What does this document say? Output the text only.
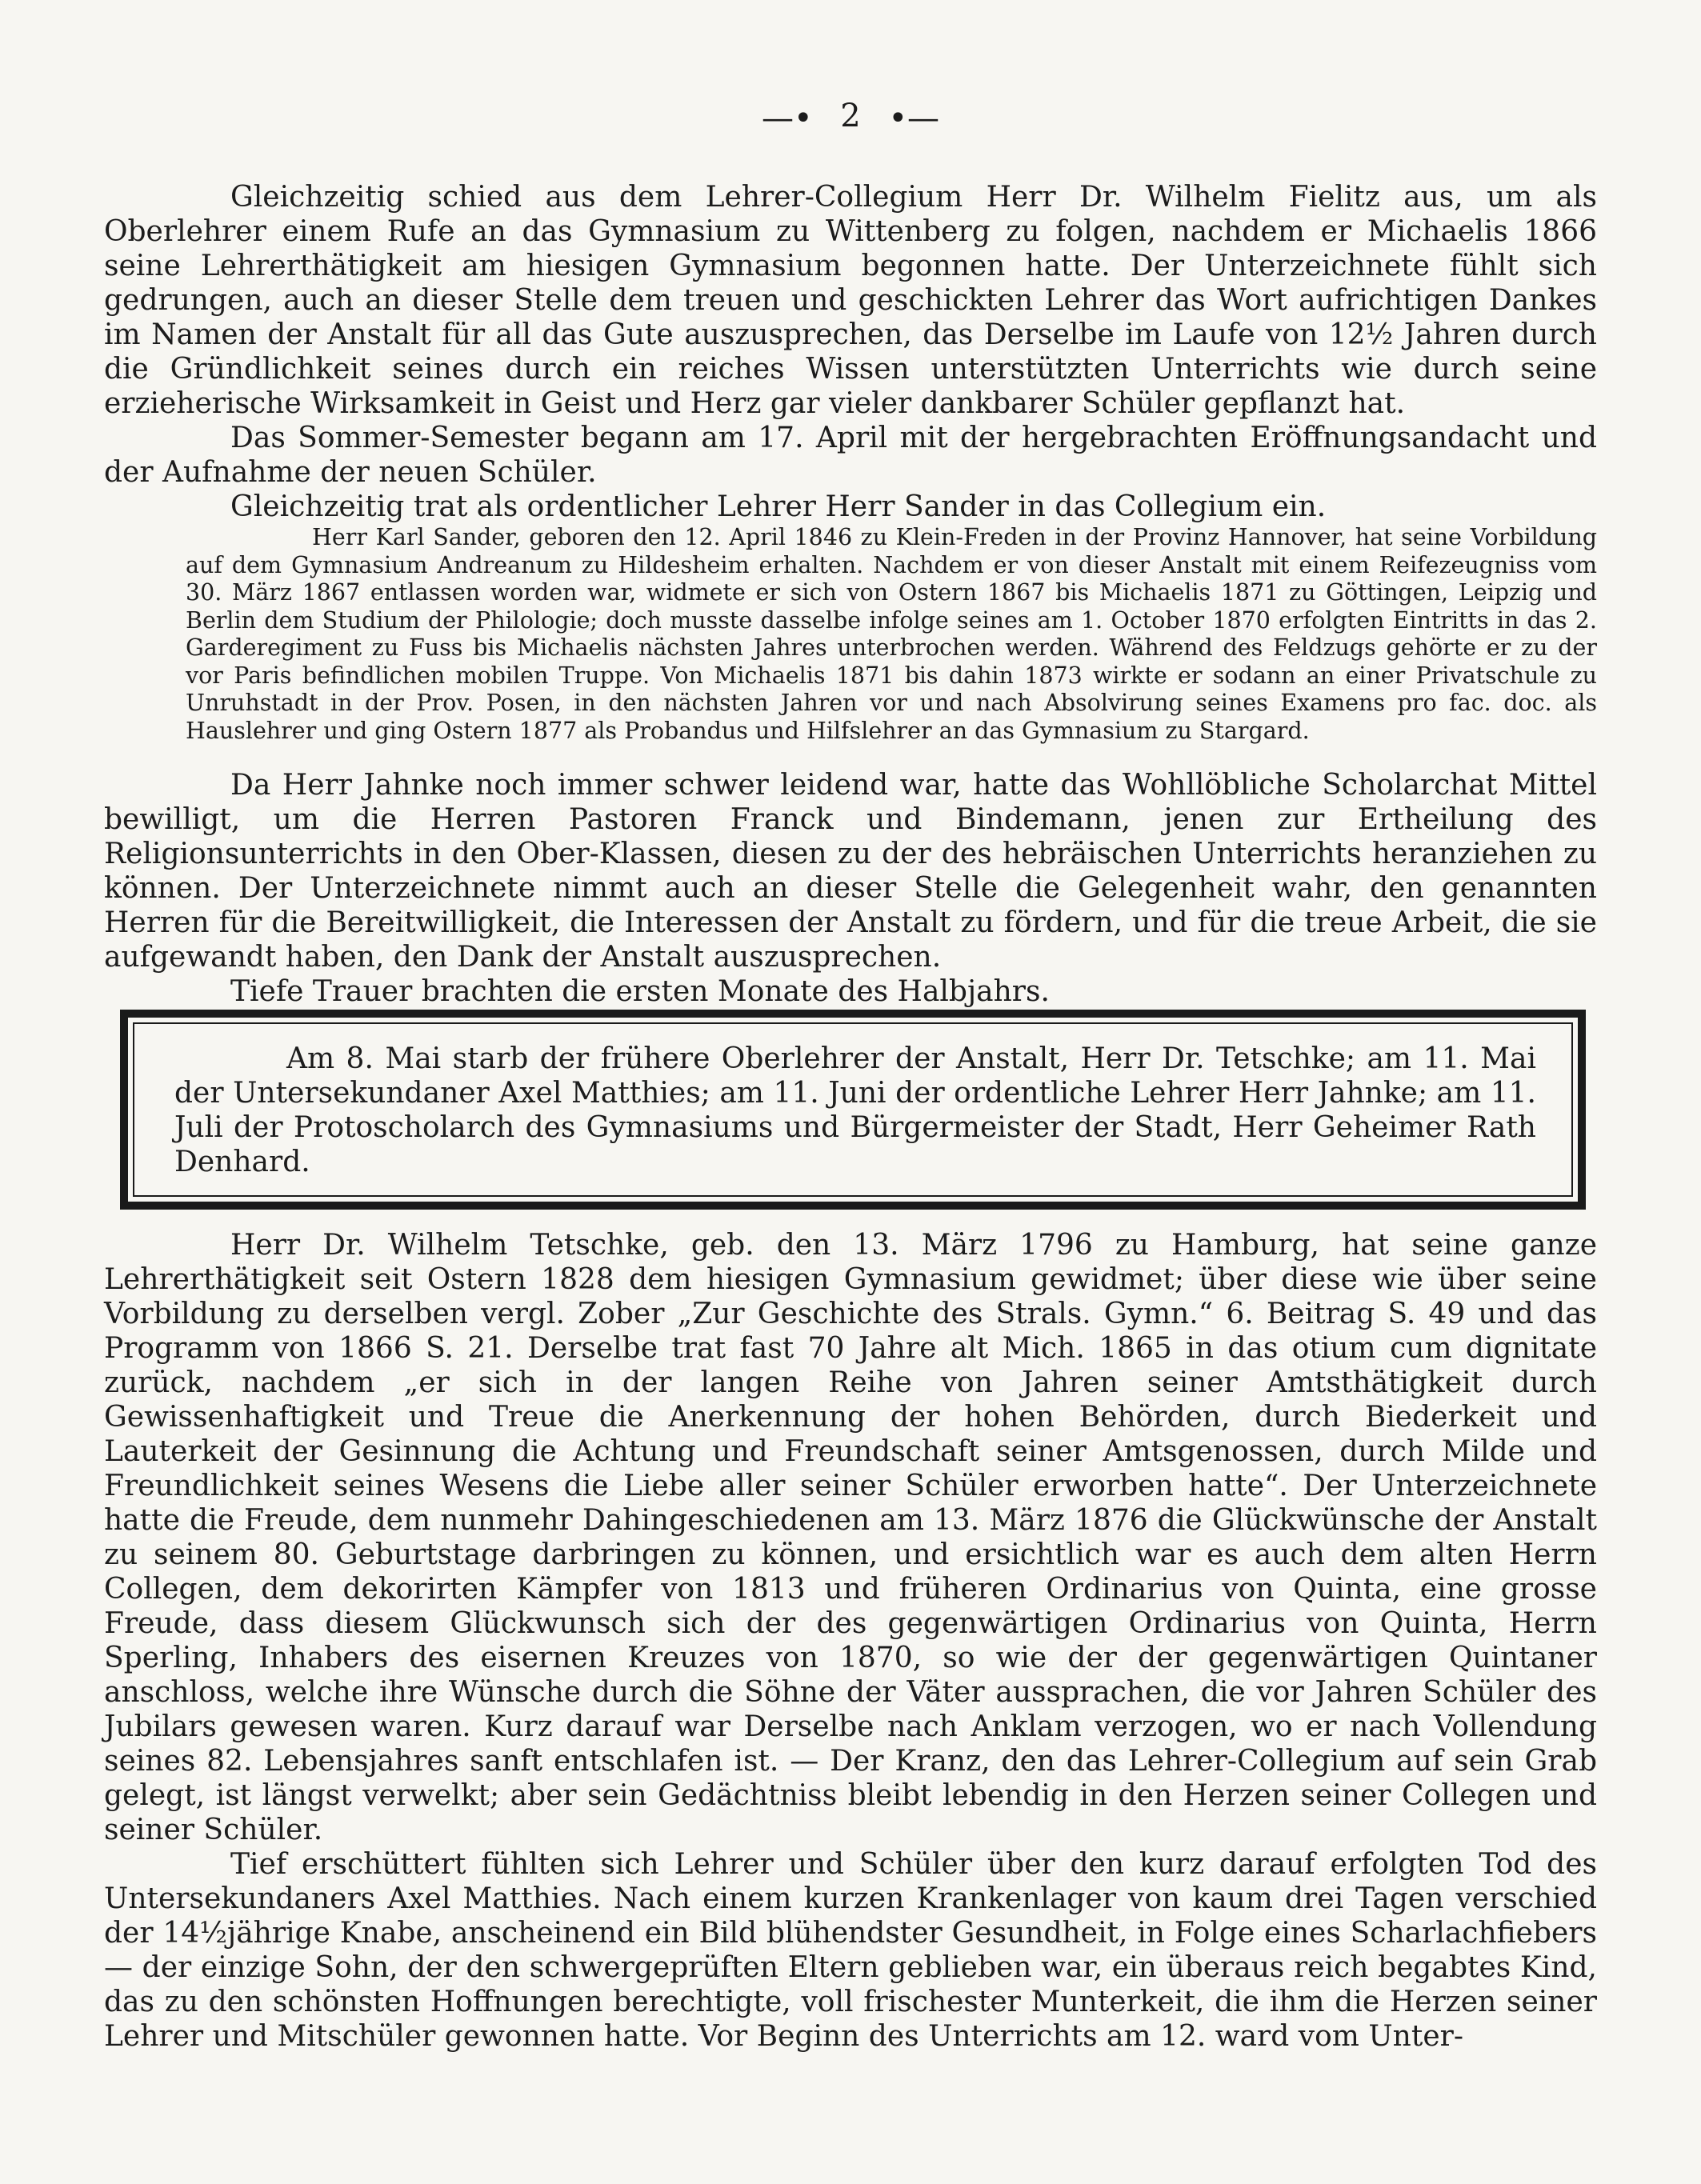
—• 2 •—

Gleichzeitig schied aus dem Lehrer-Collegium Herr Dr. Wilhelm Fielitz aus, um als Oberlehrer einem Rufe an das Gymnasium zu Wittenberg zu folgen, nachdem er Michaelis 1866 seine Lehrerthätigkeit am hiesigen Gymnasium begonnen hatte. Der Unterzeichnete fühlt sich gedrungen, auch an dieser Stelle dem treuen und geschickten Lehrer das Wort aufrichtigen Dankes im Namen der Anstalt für all das Gute auszusprechen, das Derselbe im Laufe von 12½ Jahren durch die Gründlichkeit seines durch ein reiches Wissen unterstützten Unterrichts wie durch seine erzieherische Wirksamkeit in Geist und Herz gar vieler dankbarer Schüler gepflanzt hat.

Das Sommer-Semester begann am 17. April mit der hergebrachten Eröffnungsandacht und der Aufnahme der neuen Schüler.

Gleichzeitig trat als ordentlicher Lehrer Herr Sander in das Collegium ein.

Herr Karl Sander, geboren den 12. April 1846 zu Klein-Freden in der Provinz Hannover, hat seine Vorbildung auf dem Gymnasium Andreanum zu Hildesheim erhalten. Nachdem er von dieser Anstalt mit einem Reifezeugniss vom 30. März 1867 entlassen worden war, widmete er sich von Ostern 1867 bis Michaelis 1871 zu Göttingen, Leipzig und Berlin dem Studium der Philologie; doch musste dasselbe infolge seines am 1. October 1870 erfolgten Eintritts in das 2. Garderegiment zu Fuss bis Michaelis nächsten Jahres unterbrochen werden. Während des Feldzugs gehörte er zu der vor Paris befindlichen mobilen Truppe. Von Michaelis 1871 bis dahin 1873 wirkte er sodann an einer Privatschule zu Unruhstadt in der Prov. Posen, in den nächsten Jahren vor und nach Absolvirung seines Examens pro fac. doc. als Hauslehrer und ging Ostern 1877 als Probandus und Hilfslehrer an das Gymnasium zu Stargard.

Da Herr Jahnke noch immer schwer leidend war, hatte das Wohllöbliche Scholarchat Mittel bewilligt, um die Herren Pastoren Franck und Bindemann, jenen zur Ertheilung des Religionsunterrichts in den Ober-Klassen, diesen zu der des hebräischen Unterrichts heranziehen zu können. Der Unterzeichnete nimmt auch an dieser Stelle die Gelegenheit wahr, den genannten Herren für die Bereitwilligkeit, die Interessen der Anstalt zu fördern, und für die treue Arbeit, die sie aufgewandt haben, den Dank der Anstalt auszusprechen.

Tiefe Trauer brachten die ersten Monate des Halbjahrs.

Am 8. Mai starb der frühere Oberlehrer der Anstalt, Herr Dr. Tetschke; am 11. Mai der Untersekundaner Axel Matthies; am 11. Juni der ordentliche Lehrer Herr Jahnke; am 11. Juli der Protoscholarch des Gymnasiums und Bürgermeister der Stadt, Herr Geheimer Rath Denhard.

Herr Dr. Wilhelm Tetschke, geb. den 13. März 1796 zu Hamburg, hat seine ganze Lehrerthätigkeit seit Ostern 1828 dem hiesigen Gymnasium gewidmet; über diese wie über seine Vorbildung zu derselben vergl. Zober „Zur Geschichte des Strals. Gymn.“ 6. Beitrag S. 49 und das Programm von 1866 S. 21. Derselbe trat fast 70 Jahre alt Mich. 1865 in das otium cum dignitate zurück, nachdem „er sich in der langen Reihe von Jahren seiner Amtsthätigkeit durch Gewissenhaftigkeit und Treue die Anerkennung der hohen Behörden, durch Biederkeit und Lauterkeit der Gesinnung die Achtung und Freundschaft seiner Amtsgenossen, durch Milde und Freundlichkeit seines Wesens die Liebe aller seiner Schüler erworben hatte“. Der Unterzeichnete hatte die Freude, dem nunmehr Dahingeschiedenen am 13. März 1876 die Glückwünsche der Anstalt zu seinem 80. Geburtstage darbringen zu können, und ersichtlich war es auch dem alten Herrn Collegen, dem dekorirten Kämpfer von 1813 und früheren Ordinarius von Quinta, eine grosse Freude, dass diesem Glückwunsch sich der des gegenwärtigen Ordinarius von Quinta, Herrn Sperling, Inhabers des eisernen Kreuzes von 1870, so wie der der gegenwärtigen Quintaner anschloss, welche ihre Wünsche durch die Söhne der Väter aussprachen, die vor Jahren Schüler des Jubilars gewesen waren. Kurz darauf war Derselbe nach Anklam verzogen, wo er nach Vollendung seines 82. Lebensjahres sanft entschlafen ist. — Der Kranz, den das Lehrer-Collegium auf sein Grab gelegt, ist längst verwelkt; aber sein Gedächtniss bleibt lebendig in den Herzen seiner Collegen und seiner Schüler.

Tief erschüttert fühlten sich Lehrer und Schüler über den kurz darauf erfolgten Tod des Untersekundaners Axel Matthies. Nach einem kurzen Krankenlager von kaum drei Tagen verschied der 14½jährige Knabe, anscheinend ein Bild blühendster Gesundheit, in Folge eines Scharlachfiebers — der einzige Sohn, der den schwergeprüften Eltern geblieben war, ein überaus reich begabtes Kind, das zu den schönsten Hoffnungen berechtigte, voll frischester Munterkeit, die ihm die Herzen seiner Lehrer und Mitschüler gewonnen hatte. Vor Beginn des Unterrichts am 12. ward vom Unter-
